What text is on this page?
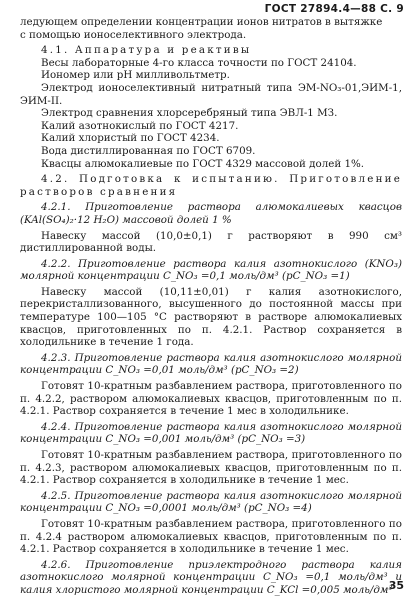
ГОСТ 27894.4—88 С. 9

ледующем определении концентрации ионов нитратов в вытяжке
с помощью ионоселективного электрода.

4.1. Аппаратура и реактивы

Весы лабораторные 4-го класса точности по ГОСТ 24104.

Иономер или pH милливольтметр.

Электрод ионоселективный нитратный типа ЭМ-NO₃-01,ЭИМ-1, ЭИМ-II.

Электрод сравнения хлорсеребряный типа ЭВЛ-1 МЗ.

Калий азотнокислый по ГОСТ 4217.

Калий хлористый по ГОСТ 4234.

Вода дистиллированная по ГОСТ 6709.

Квасцы алюмокалиевые по ГОСТ 4329 массовой долей 1%.

4.2. Подготовка к испытанию. Приготовление растворов сравнения

4.2.1. Приготовление раствора алюмокалиевых квасцов (KAl(SO₄)₂·12 H₂O) массовой долей 1 %

Навеску массой (10,0±0,1) г растворяют в 990 см³ дистиллированной воды.

4.2.2. Приготовление раствора калия азотнокислого (KNO₃) молярной концентрации C_NO₃ =0,1 моль/дм³ (pC_NO₃ =1)

Навеску массой (10,11±0,01) г калия азотнокислого, перекристаллизованного, высушенного до постоянной массы при температуре 100—105 °С растворяют в растворе алюмокалиевых квасцов, приготовленных по п. 4.2.1. Раствор сохраняется в холодильнике в течение 1 года.

4.2.3. Приготовление раствора калия азотнокислого молярной концентрации C_NO₃ =0,01 моль/дм³ (pC_NO₃ =2)

Готовят 10-кратным разбавлением раствора, приготовленного по п. 4.2.2, раствором алюмокалиевых квасцов, приготовленным по п. 4.2.1. Раствор сохраняется в течение 1 мес в холодильнике.

4.2.4. Приготовление раствора калия азотнокислого молярной концентрации C_NO₃ =0,001 моль/дм³ (pC_NO₃ =3)

Готовят 10-кратным разбавлением раствора, приготовленного по п. 4.2.3, раствором алюмокалиевых квасцов, приготовленным по п. 4.2.1. Раствор сохраняется в холодильнике в течение 1 мес.

4.2.5. Приготовление раствора калия азотнокислого молярной концентрации C_NO₃ =0,0001 моль/дм³ (pC_NO₃ =4)

Готовят 10-кратным разбавлением раствора, приготовленного по п. 4.2.4 раствором алюмокалиевых квасцов, приготовленным по п. 4.2.1. Раствор сохраняется в холодильнике в течение 1 мес.

4.2.6. Приготовление приэлектродного раствора калия азотнокислого молярной концентрации C_NO₃ =0,1 моль/дм³ и калия хлористого молярной концентрации C_KCl =0,005 моль/дм³

35
